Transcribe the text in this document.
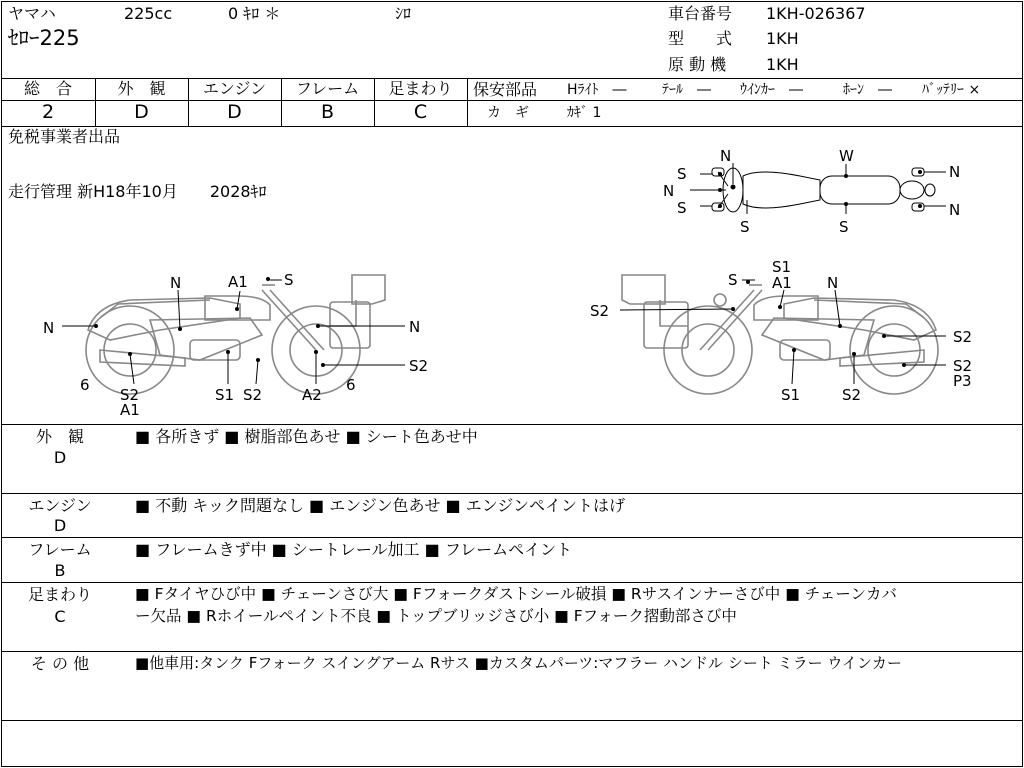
ヤマハ	225cc	0 ｷﾛ ＊	ｼﾛ
ｾﾛｰ225
車台番号 1KH-026367
型　　式 1KH
原 動 機 1KH
総　合	外　観	エンジン	フレーム	足まわり
2	D	D	B	C
保安部品 Hﾗｲﾄ　―	ﾃｰﾙ　― ｳｲﾝｶｰ　―	ﾎｰﾝ　― ﾊﾞｯﾃﾘｰ ×
カ　ギ	ｶｷﾞ 1
免税事業者出品
走行管理 新H18年10月　　2028ｷﾛ
N	W
S	N
N
S	N
S	S
N
A1 S
N
N
S2
6
S2
A1
S1 S2	A2
6
S
S1
A1 N
S2
S2
S2
P3
S1	S2
外　観
D
■ 各所きず ■ 樹脂部色あせ ■ シート色あせ中
エンジン
D
■ 不動 キック問題なし ■ エンジン色あせ ■ エンジンペイントはげ
フレーム
B
■ フレームきず中 ■ シートレール加工 ■ フレームペイント
足まわり
C
■ Fタイヤひび中 ■ チェーンさび大 ■ Fフォークダストシール破損 ■ Rサスインナーさび中 ■ チェーンカバ
ー欠品 ■ Rホイールペイント不良 ■ トップブリッジさび小 ■ Fフォーク摺動部さび中
そ の 他	■他車用:タンク Fフォーク スイングアーム Rサス ■カスタムパーツ:マフラー ハンドル シート ミラー ウインカー
